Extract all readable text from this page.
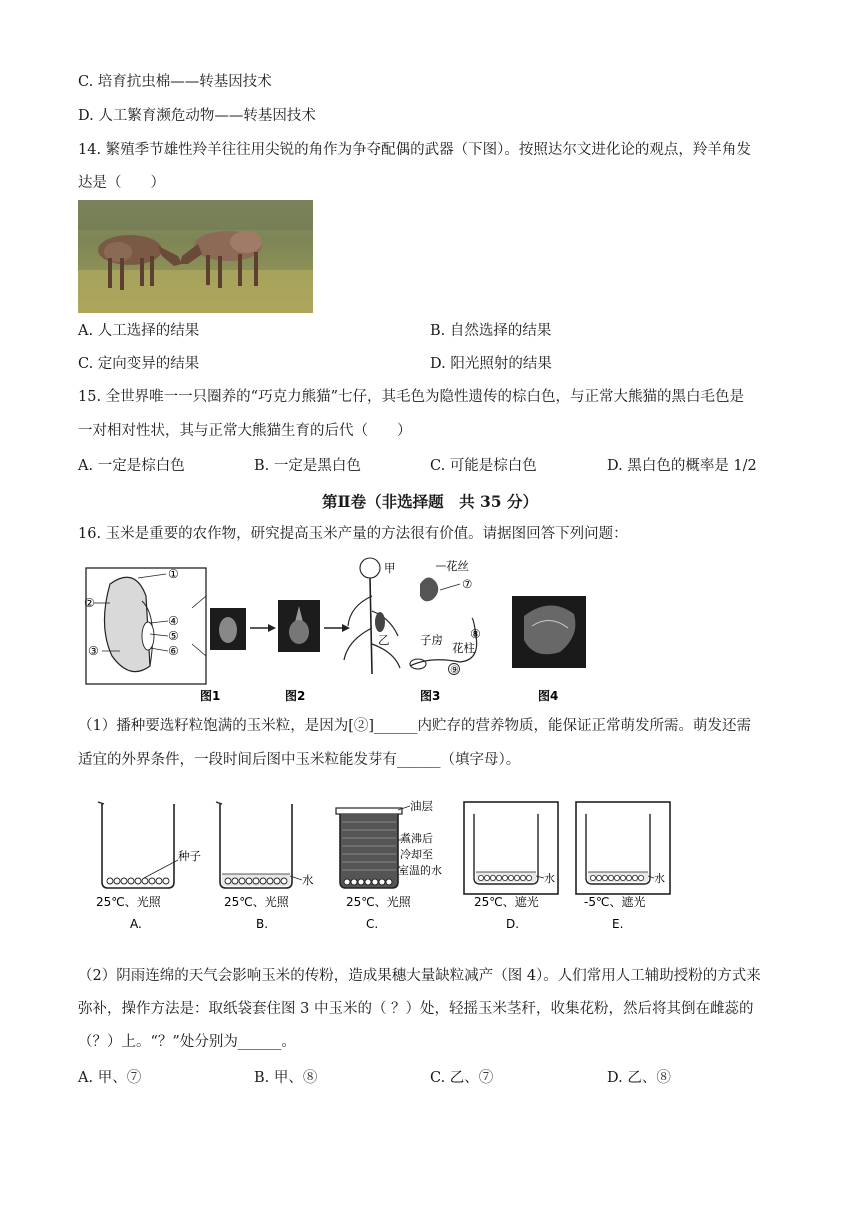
C. 培育抗虫棉——转基因技术
D. 人工繁育濒危动物——转基因技术
14. 繁殖季节雄性羚羊往往用尖锐的角作为争夺配偶的武器（下图）。按照达尔文进化论的观点，羚羊角发
达是（　　）
A. 人工选择的结果	B. 自然选择的结果
C. 定向变异的结果	D. 阳光照射的结果
15. 全世界唯一一只圈养的“巧克力熊猫”七仔，其毛色为隐性遗传的棕白色，与正常大熊猫的黑白毛色是
一对相对性状，其与正常大熊猫生育的后代（　　）
A. 一定是棕白色	B. 一定是黑白色	C. 可能是棕白色	D. 黑白色的概率是 1/2
第Ⅱ卷（非选择题　共 35 分）
16. 玉米是重要的农作物，研究提高玉米产量的方法很有价值。请据图回答下列问题：
①
②
④
⑤
⑥
③
甲
乙
花丝
⑦
子房 ⑧
花柱
⑨
图1	图2	图3	图4
（1）播种要选籽粒饱满的玉米粒，是因为[②]______内贮存的营养物质，能保证正常萌发所需。萌发还需
适宜的外界条件，一段时间后图中玉米粒能发芽有______（填字母）。
种子
25℃、光照
A.
水
25℃、光照
B.
油层
煮沸后
冷却至
室温的水
25℃、光照
C.
水
25℃、遮光
D.
水
-5℃、遮光
E.
（2）阴雨连绵的天气会影响玉米的传粉，造成果穗大量缺粒减产（图 4）。人们常用人工辅助授粉的方式来
弥补，操作方法是：取纸袋套住图 3 中玉米的（ ？）处，轻摇玉米茎秆，收集花粉，然后将其倒在雌蕊的
（？）上。“？”处分别为______。
A. 甲、⑦	B. 甲、⑧	C. 乙、⑦	D. 乙、⑧
